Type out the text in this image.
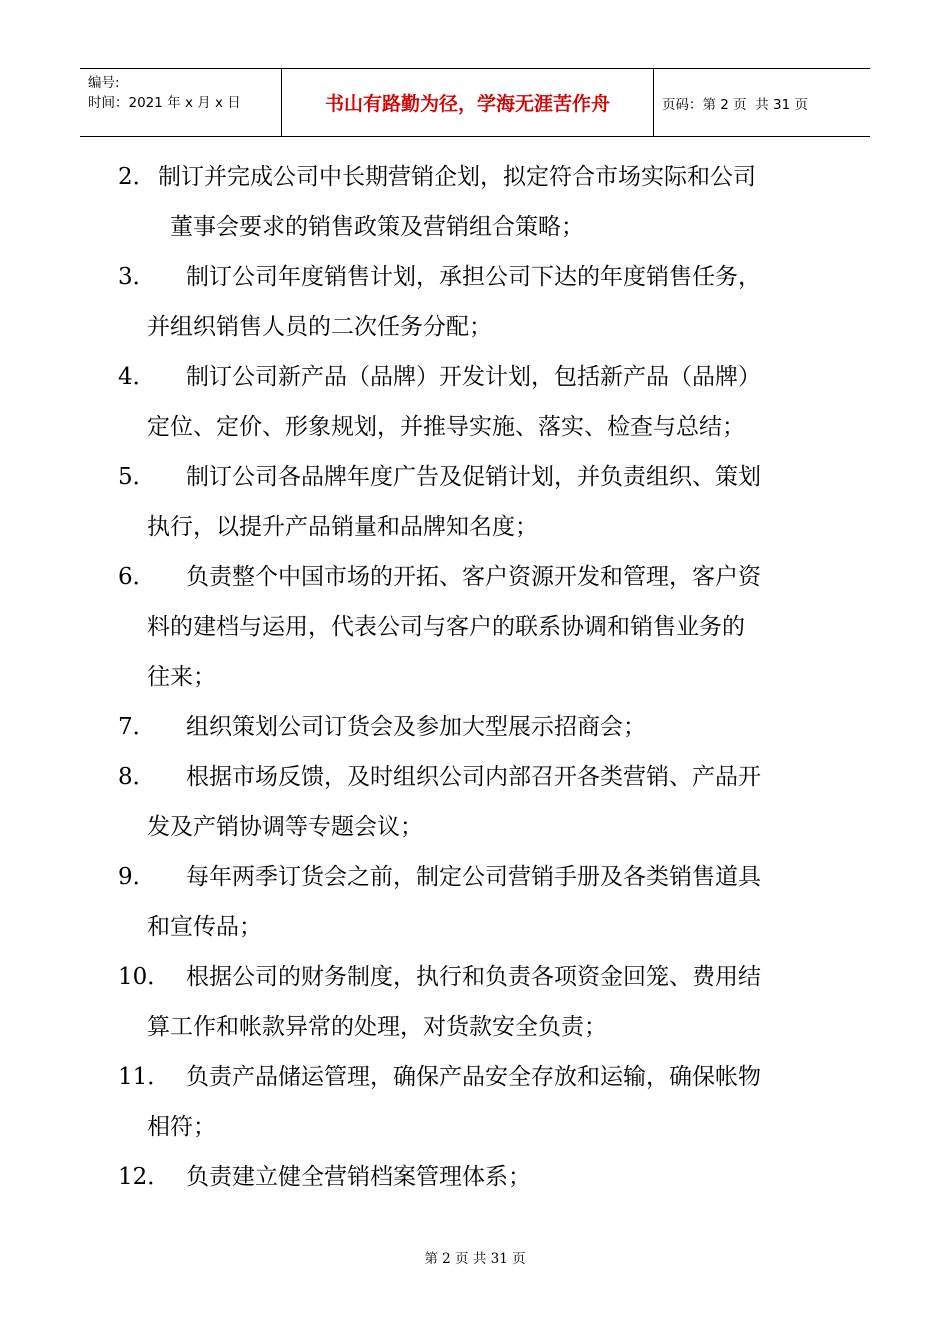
编号:
时间：2021 年 x 月 x 日	书山有路勤为径，学海无涯苦作舟	页码：第 2 页  共 31 页
2． 制订并完成公司中长期营销企划，拟定符合市场实际和公司
董事会要求的销售政策及营销组合策略；
3． 制订公司年度销售计划，承担公司下达的年度销售任务，
并组织销售人员的二次任务分配；
4． 制订公司新产品（品牌）开发计划，包括新产品（品牌）
定位、定价、形象规划，并推导实施、落实、检查与总结；
5． 制订公司各品牌年度广告及促销计划，并负责组织、策划
执行，以提升产品销量和品牌知名度；
6． 负责整个中国市场的开拓、客户资源开发和管理，客户资
料的建档与运用，代表公司与客户的联系协调和销售业务的
往来；
7． 组织策划公司订货会及参加大型展示招商会；
8． 根据市场反馈，及时组织公司内部召开各类营销、产品开
发及产销协调等专题会议；
9． 每年两季订货会之前，制定公司营销手册及各类销售道具
和宣传品；
10． 根据公司的财务制度，执行和负责各项资金回笼、费用结
算工作和帐款异常的处理，对货款安全负责；
11． 负责产品储运管理，确保产品安全存放和运输，确保帐物
相符；
12． 负责建立健全营销档案管理体系；
第 2 页 共 31 页
